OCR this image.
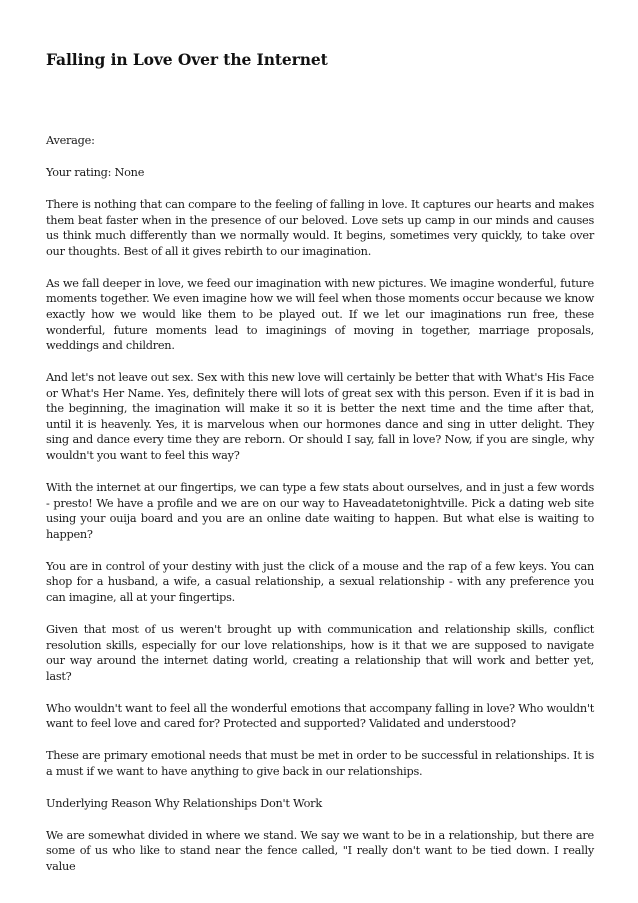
Falling in Love Over the Internet

Average:

Your rating: None

There is nothing that can compare to the feeling of falling in love. It captures our hearts and makes them beat faster when in the presence of our beloved. Love sets up camp in our minds and causes us think much differently than we normally would. It begins, sometimes very quickly, to take over our thoughts. Best of all it gives rebirth to our imagination.

As we fall deeper in love, we feed our imagination with new pictures. We imagine wonderful, future moments together. We even imagine how we will feel when those moments occur because we know exactly how we would like them to be played out. If we let our imaginations run free, these wonderful, future moments lead to imaginings of moving in together, marriage proposals, weddings and children.

And let's not leave out sex. Sex with this new love will certainly be better that with What's His Face or What's Her Name. Yes, definitely there will lots of great sex with this person. Even if it is bad in the beginning, the imagination will make it so it is better the next time and the time after that, until it is heavenly. Yes, it is marvelous when our hormones dance and sing in utter delight. They sing and dance every time they are reborn. Or should I say, fall in love? Now, if you are single, why wouldn't you want to feel this way?

With the internet at our fingertips, we can type a few stats about ourselves, and in just a few words - presto! We have a profile and we are on our way to Haveadatetonightville. Pick a dating web site using your ouija board and you are an online date waiting to happen. But what else is waiting to happen?

You are in control of your destiny with just the click of a mouse and the rap of a few keys. You can shop for a husband, a wife, a casual relationship, a sexual relationship - with any preference you can imagine, all at your fingertips.

Given that most of us weren't brought up with communication and relationship skills, conflict resolution skills, especially for our love relationships, how is it that we are supposed to navigate our way around the internet dating world, creating a relationship that will work and better yet, last?

Who wouldn't want to feel all the wonderful emotions that accompany falling in love? Who wouldn't want to feel love and cared for? Protected and supported? Validated and understood?

These are primary emotional needs that must be met in order to be successful in relationships. It is a must if we want to have anything to give back in our relationships.

Underlying Reason Why Relationships Don't Work

We are somewhat divided in where we stand. We say we want to be in a relationship, but there are some of us who like to stand near the fence called, "I really don't want to be tied down. I really value
